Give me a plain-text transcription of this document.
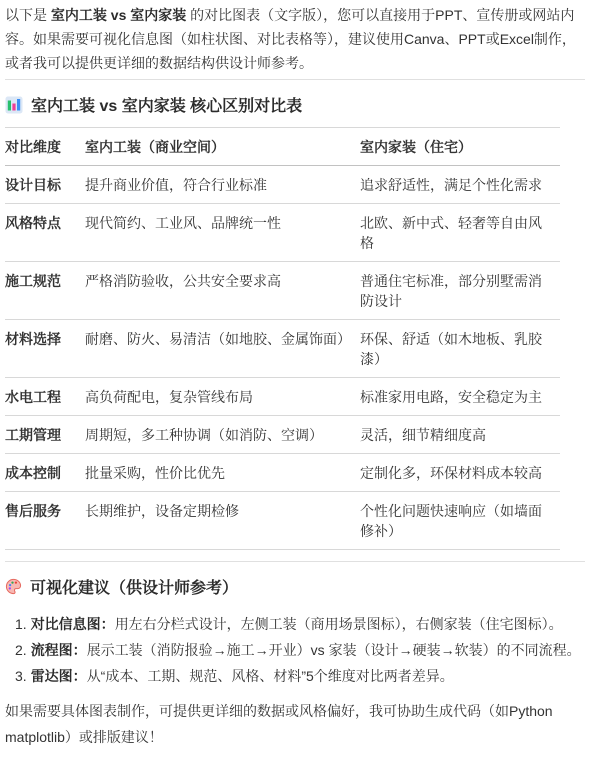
以下是 室内工装 vs 室内家装 的对比图表（文字版），您可以直接用于PPT、宣传册或网站内容。如果需要可视化信息图（如柱状图、对比表格等），建议使用Canva、PPT或Excel制作，或者我可以提供更详细的数据结构供设计师参考。

室内工装 vs 室内家装 核心区别对比表
对比维度	室内工装（商业空间）	室内家装（住宅）
设计目标	提升商业价值，符合行业标准	追求舒适性，满足个性化需求
风格特点	现代简约、工业风、品牌统一性	北欧、新中式、轻奢等自由风格
施工规范	严格消防验收，公共安全要求高	普通住宅标准，部分别墅需消防设计
材料选择	耐磨、防火、易清洁（如地胶、金属饰面）	环保、舒适（如木地板、乳胶漆）
水电工程	高负荷配电，复杂管线布局	标准家用电路，安全稳定为主
工期管理	周期短，多工种协调（如消防、空调）	灵活，细节精细度高
成本控制	批量采购，性价比优先	定制化多，环保材料成本较高
售后服务	长期维护，设备定期检修	个性化问题快速响应（如墙面修补）
可视化建议（供设计师参考）
1. 对比信息图：用左右分栏式设计，左侧工装（商用场景图标），右侧家装（住宅图标）。
2. 流程图：展示工装（消防报验→施工→开业）vs 家装（设计→硬装→软装）的不同流程。
3. 雷达图：从“成本、工期、规范、风格、材料”5个维度对比两者差异。

如果需要具体图表制作，可提供更详细的数据或风格偏好，我可协助生成代码（如Python matplotlib）或排版建议！
